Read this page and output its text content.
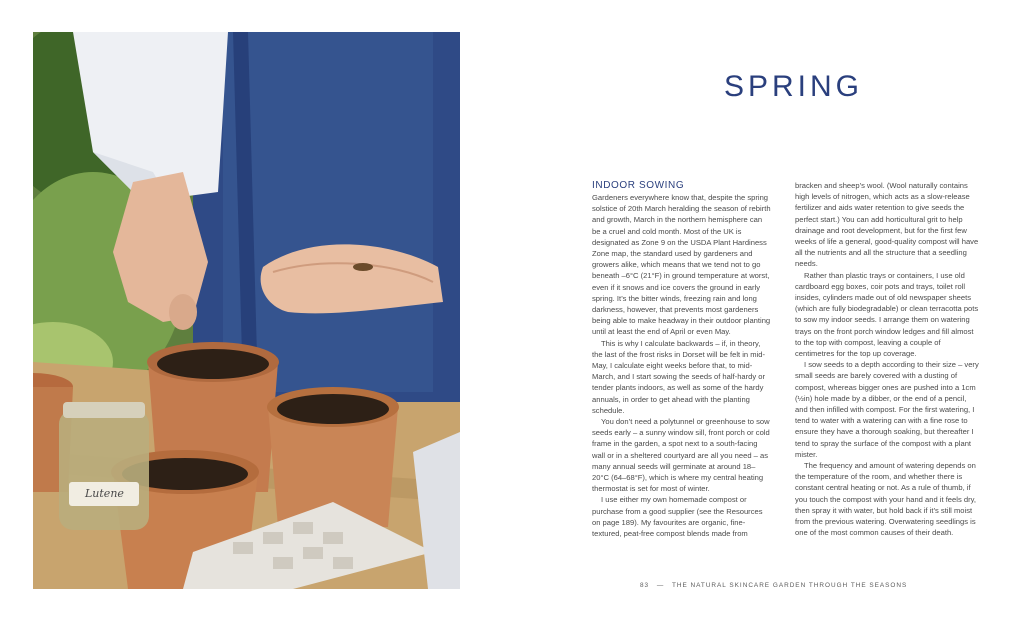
Lutene
SPRING
INDOOR SOWING

Gardeners everywhere know that, despite the spring solstice of 20th March heralding the season of rebirth and growth, March in the northern hemisphere can be a cruel and cold month. Most of the UK is designated as Zone 9 on the USDA Plant Hardiness Zone map, the standard used by gardeners and growers alike, which means that we tend not to go beneath –6°C (21°F) in ground temperature at worst, even if it snows and ice covers the ground in early spring. It’s the bitter winds, freezing rain and long darkness, however, that prevents most gardeners being able to make headway in their outdoor planting until at least the end of April or even May.

This is why I calculate backwards – if, in theory, the last of the frost risks in Dorset will be felt in mid-May, I calculate eight weeks before that, to mid-March, and I start sowing the seeds of half-hardy or tender plants indoors, as well as some of the hardy annuals, in order to get ahead with the planting schedule.

You don’t need a polytunnel or greenhouse to sow seeds early – a sunny window sill, front porch or cold frame in the garden, a spot next to a south-facing wall or in a sheltered courtyard are all you need – as many annual seeds will germinate at around 18–20°C (64–68°F), which is where my central heating thermostat is set for most of winter.

I use either my own homemade compost or purchase from a good supplier (see the Resources on page 189). My favourites are organic, fine-textured, peat-free compost blends made from

bracken and sheep’s wool. (Wool naturally contains high levels of nitrogen, which acts as a slow-release fertilizer and aids water retention to give seeds the perfect start.) You can add horticultural grit to help drainage and root development, but for the first few weeks of life a general, good-quality compost will have all the nutrients and all the structure that a seedling needs.

Rather than plastic trays or containers, I use old cardboard egg boxes, coir pots and trays, toilet roll insides, cylinders made out of old newspaper sheets (which are fully biodegradable) or clean terracotta pots to sow my indoor seeds. I arrange them on watering trays on the front porch window ledges and fill almost to the top with compost, leaving a couple of centimetres for the top up coverage.

I sow seeds to a depth according to their size – very small seeds are barely covered with a dusting of compost, whereas bigger ones are pushed into a 1cm (½in) hole made by a dibber, or the end of a pencil, and then infilled with compost. For the first watering, I tend to water with a watering can with a fine rose to ensure they have a thorough soaking, but thereafter I tend to spray the surface of the compost with a plant mister.

The frequency and amount of watering depends on the temperature of the room, and whether there is constant central heating or not. As a rule of thumb, if you touch the compost with your hand and it feels dry, then spray it with water, but hold back if it’s still moist from the previous watering. Overwatering seedlings is one of the most common causes of their death.

83 — THE NATURAL SKINCARE GARDEN THROUGH THE SEASONS
